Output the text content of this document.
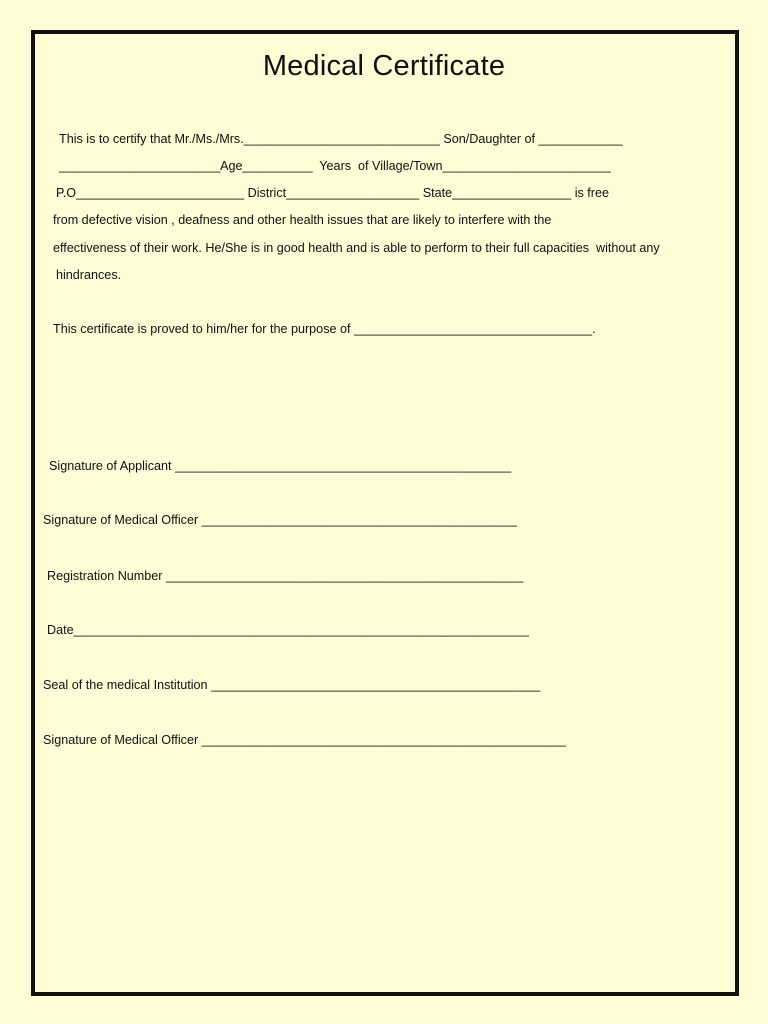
Medical Certificate
This is to certify that Mr./Ms./Mrs.____________________________ Son/Daughter of ____________
_______________________Age__________  Years  of Village/Town________________________
P.O________________________ District___________________ State_________________ is free
from defective vision , deafness and other health issues that are likely to interfere with the
effectiveness of their work. He/She is in good health and is able to perform to their full capacities  without any
hindrances.
This certificate is proved to him/her for the purpose of __________________________________.
Signature of Applicant ________________________________________________
Signature of Medical Officer _____________________________________________
Registration Number ___________________________________________________
Date_________________________________________________________________
Seal of the medical Institution _______________________________________________
Signature of Medical Officer ____________________________________________________
